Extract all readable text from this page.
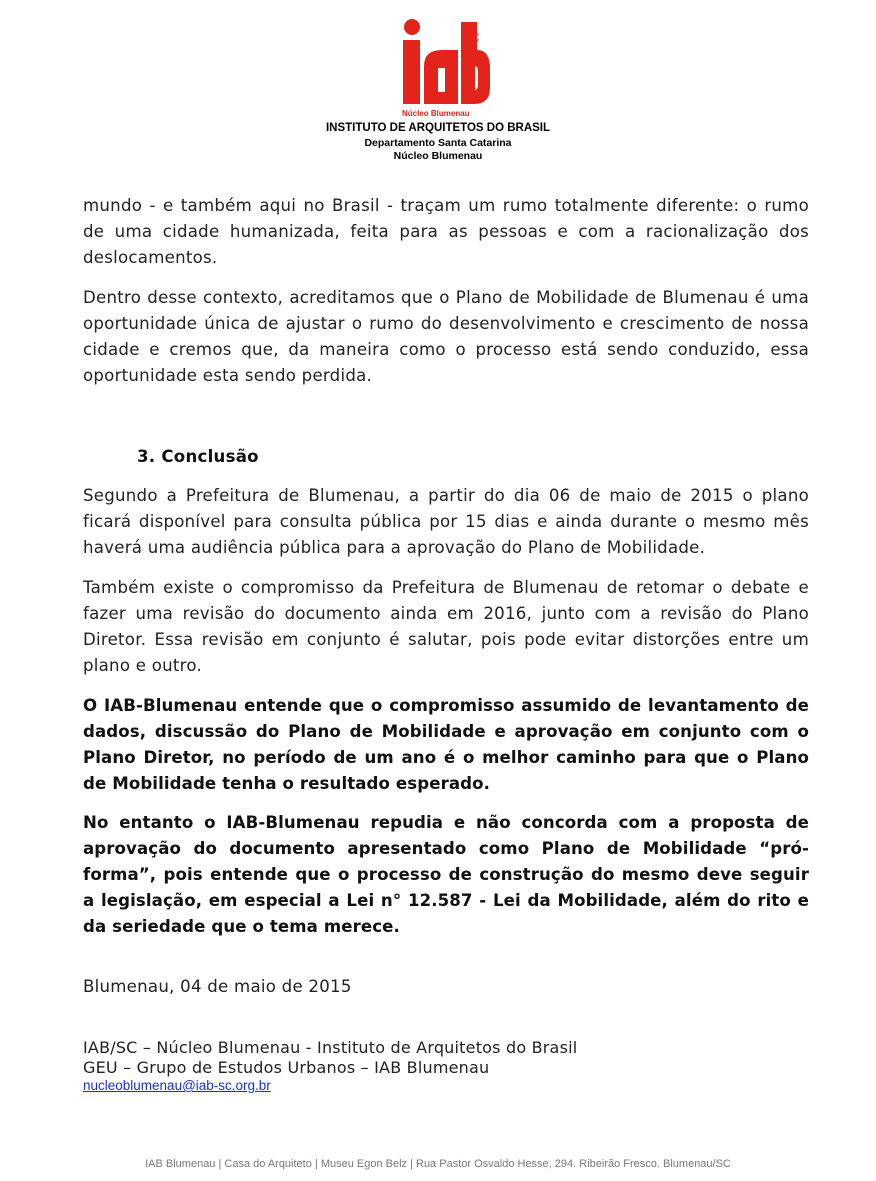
SC
Núcleo Blumenau
INSTITUTO DE ARQUITETOS DO BRASIL
Departamento Santa Catarina
Núcleo Blumenau

mundo - e também aqui no Brasil - traçam um rumo totalmente diferente: o rumo de uma cidade humanizada, feita para as pessoas e com a racionalização dos deslocamentos.

Dentro desse contexto, acreditamos que o Plano de Mobilidade de Blumenau é uma oportunidade única de ajustar o rumo do desenvolvimento e crescimento de nossa cidade e cremos que, da maneira como o processo está sendo conduzido, essa oportunidade esta sendo perdida.

3. Conclusão

Segundo a Prefeitura de Blumenau, a partir do dia 06 de maio de 2015 o plano ficará disponível para consulta pública por 15 dias e ainda durante o mesmo mês haverá uma audiência pública para a aprovação do Plano de Mobilidade.

Também existe o compromisso da Prefeitura de Blumenau de retomar o debate e fazer uma revisão do documento ainda em 2016, junto com a revisão do Plano Diretor. Essa revisão em conjunto é salutar, pois pode evitar distorções entre um plano e outro.

O IAB-Blumenau entende que o compromisso assumido de levantamento de dados, discussão do Plano de Mobilidade e aprovação em conjunto com o Plano Diretor, no período de um ano é o melhor caminho para que o Plano de Mobilidade tenha o resultado esperado.

No entanto o IAB-Blumenau repudia e não concorda com a proposta de aprovação do documento apresentado como Plano de Mobilidade “pró-forma”, pois entende que o processo de construção do mesmo deve seguir a legislação, em especial a Lei n° 12.587 - Lei da Mobilidade, além do rito e da seriedade que o tema merece.

Blumenau, 04 de maio de 2015

IAB/SC – Núcleo Blumenau - Instituto de Arquitetos do Brasil
GEU – Grupo de Estudos Urbanos – IAB Blumenau
nucleoblumenau@iab-sc.org.br
IAB Blumenau | Casa do Arquiteto | Museu Egon Belz | Rua Pastor Osvaldo Hesse, 294. Ribeirão Fresco. Blumenau/SC
